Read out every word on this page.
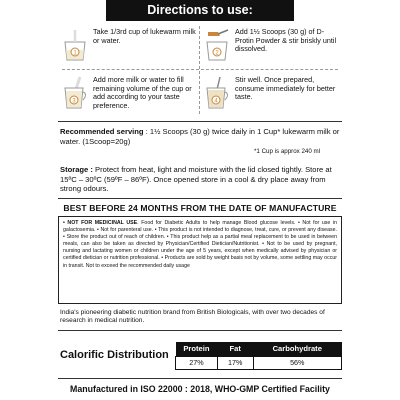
Directions to use:
1
Take 1/3rd cup of lukewarm milk or water.
2
Add 1½ Scoops (30 g) of D-Protin Powder & stir briskly until dissolved.
3
Add more milk or water to fill remaining volume of the cup or add according to your taste preference.	4
Stir well. Once prepared, consume immediately for better taste.
Recommended serving : 1½ Scoops (30 g) twice daily in 1 Cup* lukewarm milk or water. (1Scoop=20g)
*1 Cup is approx 240 ml
Storage : Protect from heat, light and moisture with the lid closed tightly. Store at 15ºC – 30ºC (59ºF – 86ºF). Once opened store in a cool & dry place away from strong odours.
BEST BEFORE 24 MONTHS FROM THE DATE OF MANUFACTURE
• NOT FOR MEDICINAL USE. Food for Diabetic Adults to help manage Blood glucose levels. • Not for use in galactosemia. • Not for parenteral use. • This product is not intended to diagnose, treat, cure, or prevent any disease. • Store the product out of reach of children. • This product help as a partial meal replacement to be used in between meals, can also be taken as directed by Physician/Certified Dietician/Nutritionist. • Not to be used by pregnant, nursing and lactating women or children under the age of 5 years, except when medically advised by physician or certified dietician or nutrition professional. • Products are sold by weight basis not by volume, some settling may occur in transit. Not to exceed the recommended daily usage
India's pioneering diabetic nutrition brand from British Biologicals, with over two decades of research in medical nutrition.
Calorific Distribution
Protein	Fat	Carbohydrate
27%	17%	56%
Manufactured in ISO 22000 : 2018, WHO-GMP Certified Facility
